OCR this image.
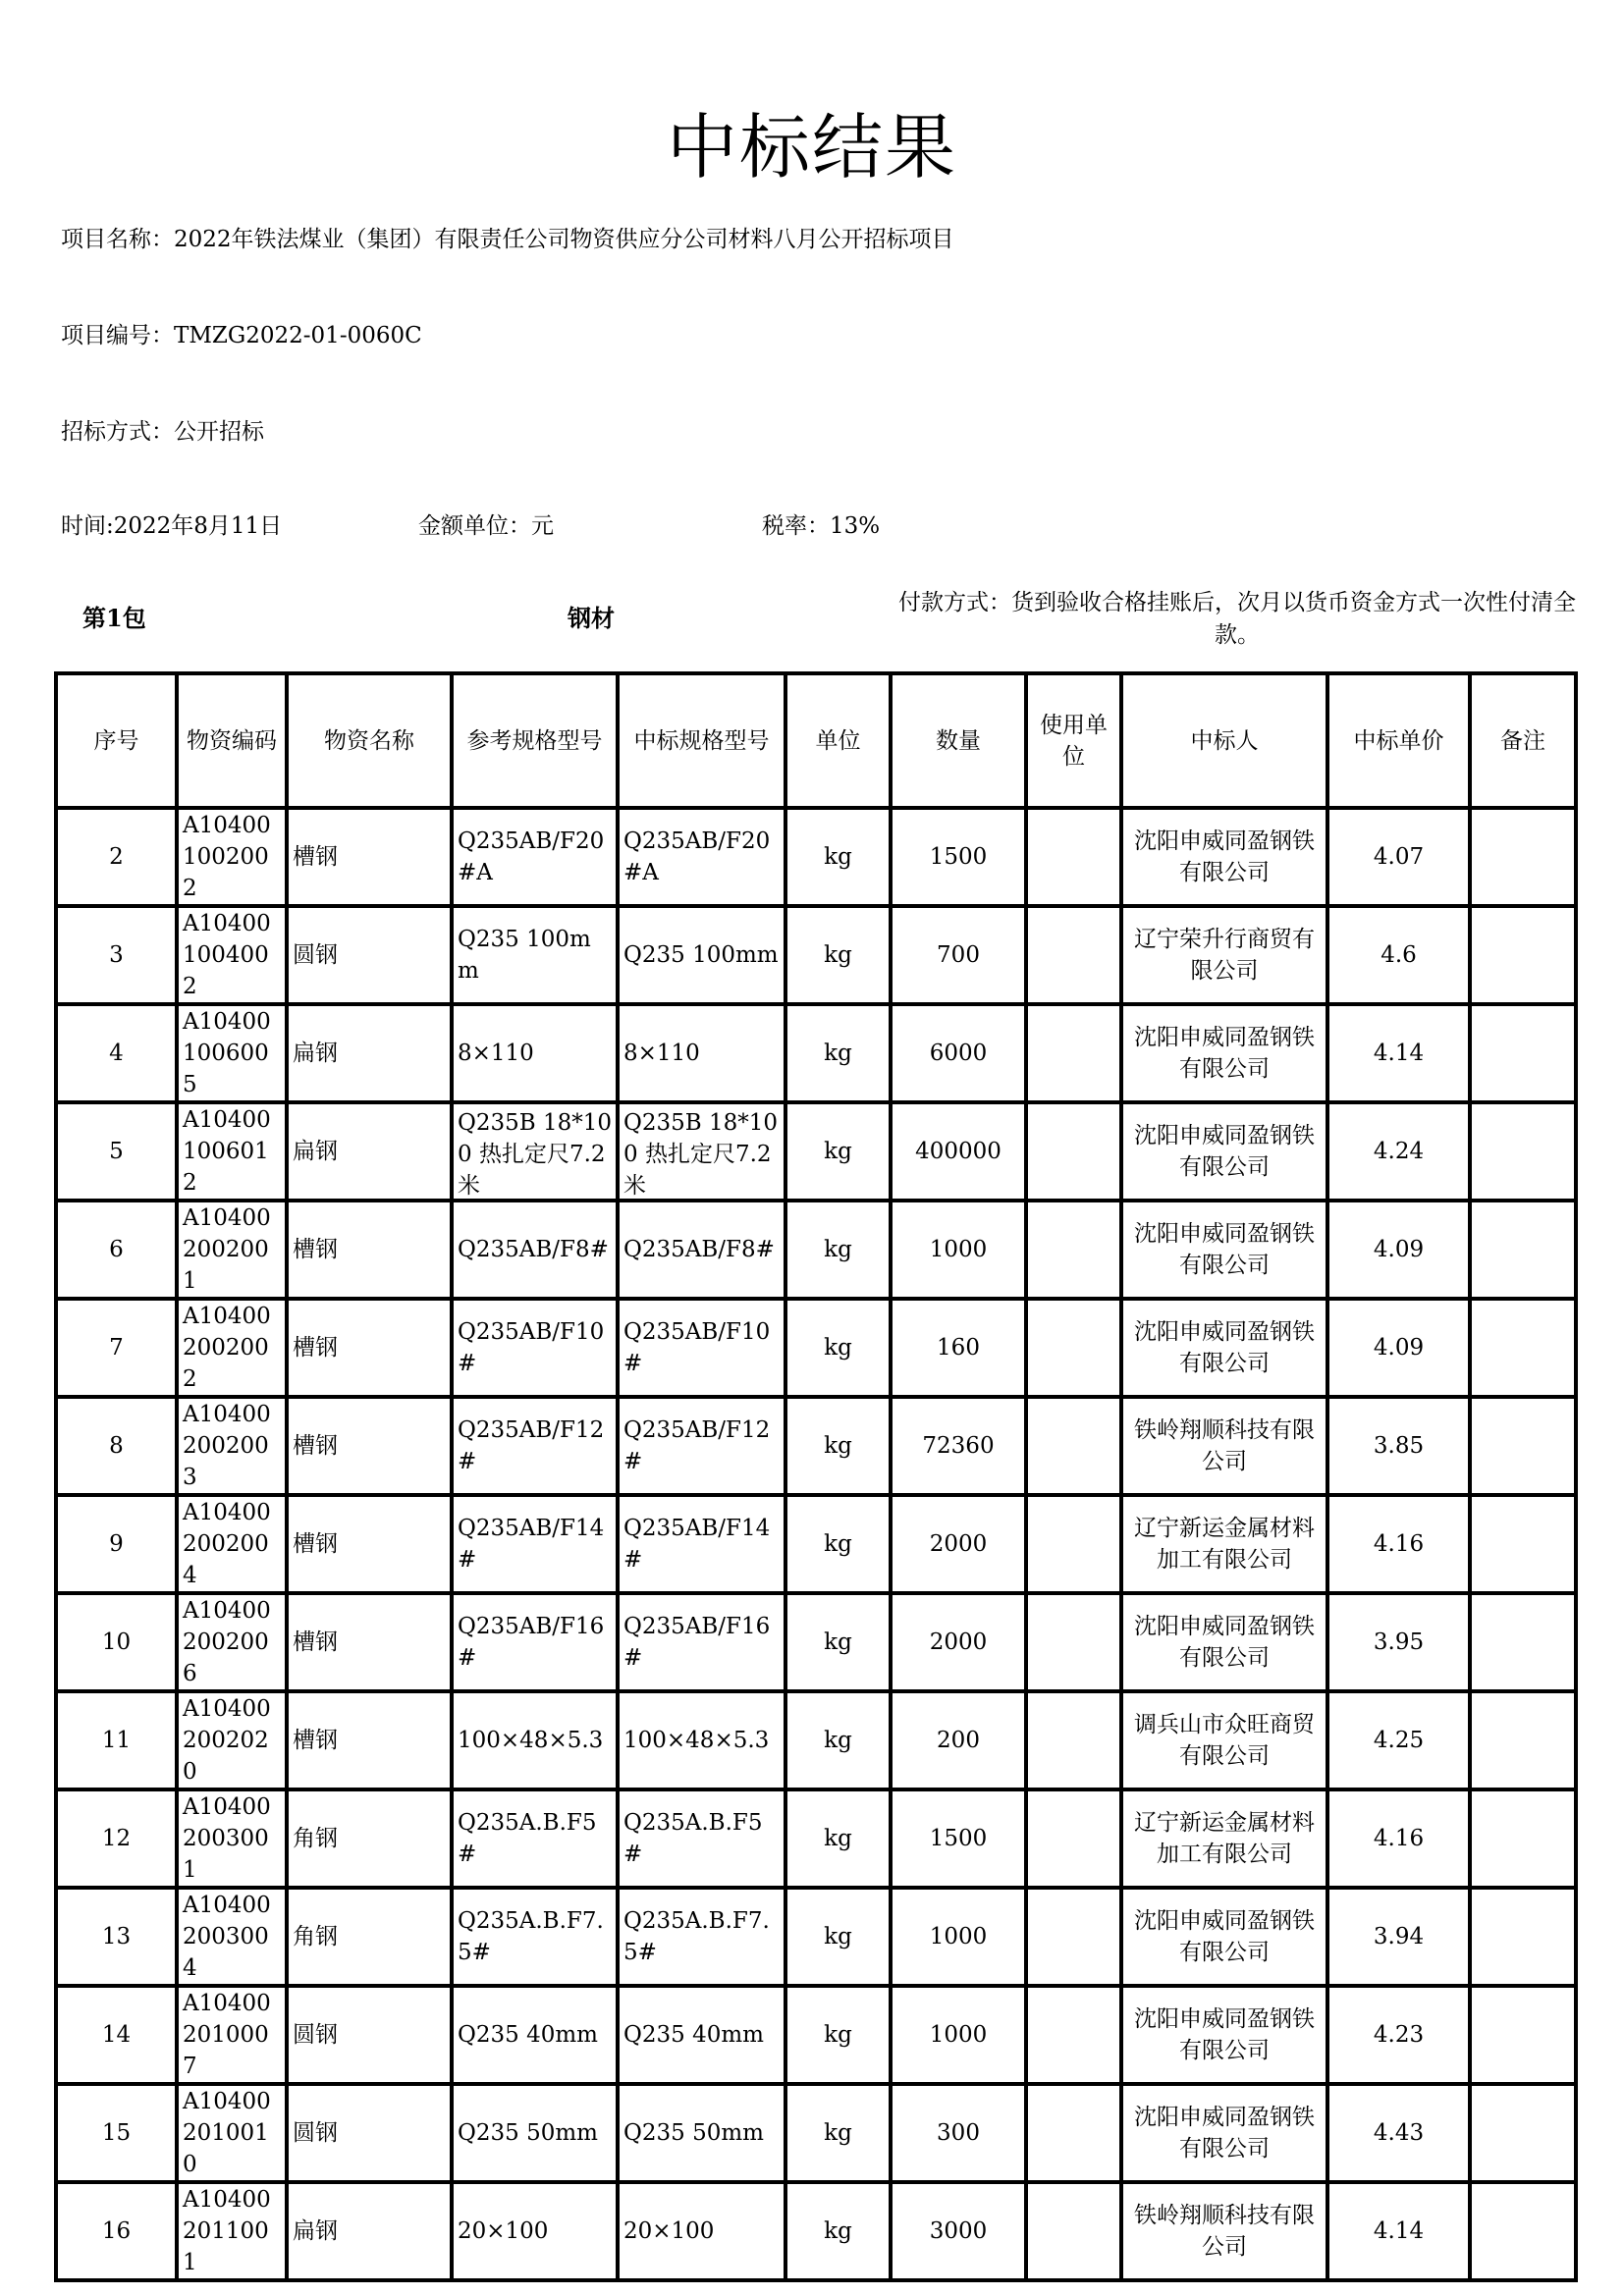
中标结果
项目名称：2022年铁法煤业（集团）有限责任公司物资供应分公司材料八月公开招标项目
项目编号：TMZG2022-01-0060C
招标方式：公开招标
时间:2022年8月11日	金额单位：元	税率：13%
第1包	钢材
付款方式：货到验收合格挂账后，次月以货币资金方式一次性付清全款。
序号	物资编码	物资名称	参考规格型号	中标规格型号	单位	数量	使用单位	中标人	中标单价	备注
2	A104001002002	槽钢	Q235AB/F20#A	Q235AB/F20#A	kg	1500		沈阳申威同盈钢铁有限公司	4.07	
3	A104001004002	圆钢	Q235 100mm	Q235 100mm	kg	700		辽宁荣升行商贸有限公司	4.6	
4	A104001006005	扁钢	8×110	8×110	kg	6000		沈阳申威同盈钢铁有限公司	4.14	
5	A104001006012	扁钢	Q235B 18*100 热扎定尺7.2米	Q235B 18*100 热扎定尺7.2米	kg	400000		沈阳申威同盈钢铁有限公司	4.24	
6	A104002002001	槽钢	Q235AB/F8#	Q235AB/F8#	kg	1000		沈阳申威同盈钢铁有限公司	4.09	
7	A104002002002	槽钢	Q235AB/F10#	Q235AB/F10#	kg	160		沈阳申威同盈钢铁有限公司	4.09	
8	A104002002003	槽钢	Q235AB/F12#	Q235AB/F12#	kg	72360		铁岭翔顺科技有限公司	3.85	
9	A104002002004	槽钢	Q235AB/F14#	Q235AB/F14#	kg	2000		辽宁新运金属材料加工有限公司	4.16	
10	A104002002006	槽钢	Q235AB/F16#	Q235AB/F16#	kg	2000		沈阳申威同盈钢铁有限公司	3.95	
11	A104002002020	槽钢	100×48×5.3	100×48×5.3	kg	200		调兵山市众旺商贸有限公司	4.25	
12	A104002003001	角钢	Q235A.B.F5#	Q235A.B.F5#	kg	1500		辽宁新运金属材料加工有限公司	4.16	
13	A104002003004	角钢	Q235A.B.F7.5#	Q235A.B.F7.5#	kg	1000		沈阳申威同盈钢铁有限公司	3.94	
14	A104002010007	圆钢	Q235 40mm	Q235 40mm	kg	1000		沈阳申威同盈钢铁有限公司	4.23	
15	A104002010010	圆钢	Q235 50mm	Q235 50mm	kg	300		沈阳申威同盈钢铁有限公司	4.43	
16	A104002011001	扁钢	20×100	20×100	kg	3000		铁岭翔顺科技有限公司	4.14	
